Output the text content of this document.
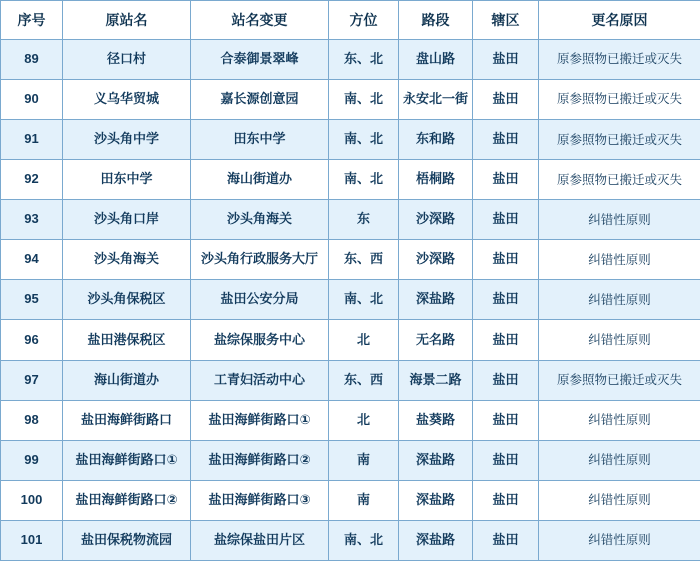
序号	原站名	站名变更	方位	路段	辖区	更名原因
89	径口村	合泰御景翠峰	东、北	盘山路	盐田	原参照物已搬迁或灭失
90	义乌华贸城	嘉长源创意园	南、北	永安北一街	盐田	原参照物已搬迁或灭失
91	沙头角中学	田东中学	南、北	东和路	盐田	原参照物已搬迁或灭失
92	田东中学	海山街道办	南、北	梧桐路	盐田	原参照物已搬迁或灭失
93	沙头角口岸	沙头角海关	东	沙深路	盐田	纠错性原则
94	沙头角海关	沙头角行政服务大厅	东、西	沙深路	盐田	纠错性原则
95	沙头角保税区	盐田公安分局	南、北	深盐路	盐田	纠错性原则
96	盐田港保税区	盐综保服务中心	北	无名路	盐田	纠错性原则
97	海山街道办	工青妇活动中心	东、西	海景二路	盐田	原参照物已搬迁或灭失
98	盐田海鲜街路口	盐田海鲜街路口①	北	盐葵路	盐田	纠错性原则
99	盐田海鲜街路口①	盐田海鲜街路口②	南	深盐路	盐田	纠错性原则
100	盐田海鲜街路口②	盐田海鲜街路口③	南	深盐路	盐田	纠错性原则
101	盐田保税物流园	盐综保盐田片区	南、北	深盐路	盐田	纠错性原则
